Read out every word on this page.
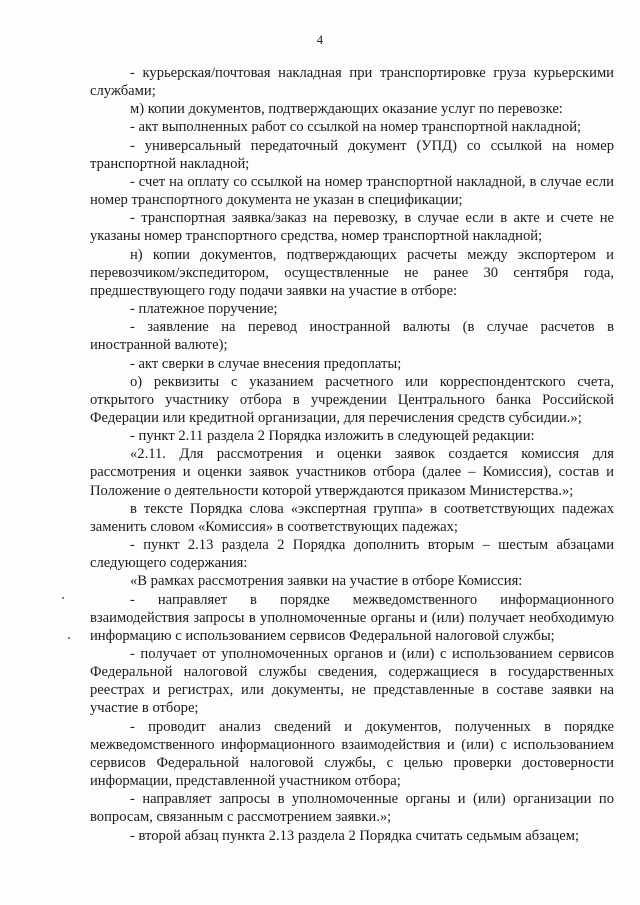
4

- курьерская/почтовая накладная при транспортировке груза курьерскими службами;

м) копии документов, подтверждающих оказание услуг по перевозке:

- акт выполненных работ со ссылкой на номер транспортной накладной;

- универсальный передаточный документ (УПД) со ссылкой на номер транспортной накладной;

- счет на оплату со ссылкой на номер транспортной накладной, в случае если номер транспортного документа не указан в спецификации;

- транспортная заявка/заказ на перевозку, в случае если в акте и счете не указаны номер транспортного средства, номер транспортной накладной;

н) копии документов, подтверждающих расчеты между экспортером и перевозчиком/экспедитором, осуществленные не ранее 30 сентября года, предшествующего году подачи заявки на участие в отборе:

- платежное поручение;

- заявление на перевод иностранной валюты (в случае расчетов в иностранной валюте);

- акт сверки в случае внесения предоплаты;

о) реквизиты с указанием расчетного или корреспондентского счета, открытого участнику отбора в учреждении Центрального банка Российской Федерации или кредитной организации, для перечисления средств субсидии.»;

- пункт 2.11 раздела 2 Порядка изложить в следующей редакции:

«2.11. Для рассмотрения и оценки заявок создается комиссия для рассмотрения и оценки заявок участников отбора (далее – Комиссия), состав и Положение о деятельности которой утверждаются приказом Министерства.»;

в тексте Порядка слова «экспертная группа» в соответствующих падежах заменить словом «Комиссия» в соответствующих падежах;

- пункт 2.13 раздела 2 Порядка дополнить вторым – шестым абзацами следующего содержания:

«В рамках рассмотрения заявки на участие в отборе Комиссия:

- направляет в порядке межведомственного информационного взаимодействия запросы в уполномоченные органы и (или) получает необходимую информацию с использованием сервисов Федеральной налоговой службы;

- получает от уполномоченных органов и (или) с использованием сервисов Федеральной налоговой службы сведения, содержащиеся в государственных реестрах и регистрах, или документы, не представленные в составе заявки на участие в отборе;

- проводит анализ сведений и документов, полученных в порядке межведомственного информационного взаимодействия и (или) с использованием сервисов Федеральной налоговой службы, с целью проверки достоверности информации, представленной участником отбора;

- направляет запросы в уполномоченные органы и (или) организации по вопросам, связанным с рассмотрением заявки.»;

- второй абзац пункта 2.13 раздела 2 Порядка считать седьмым абзацем;
